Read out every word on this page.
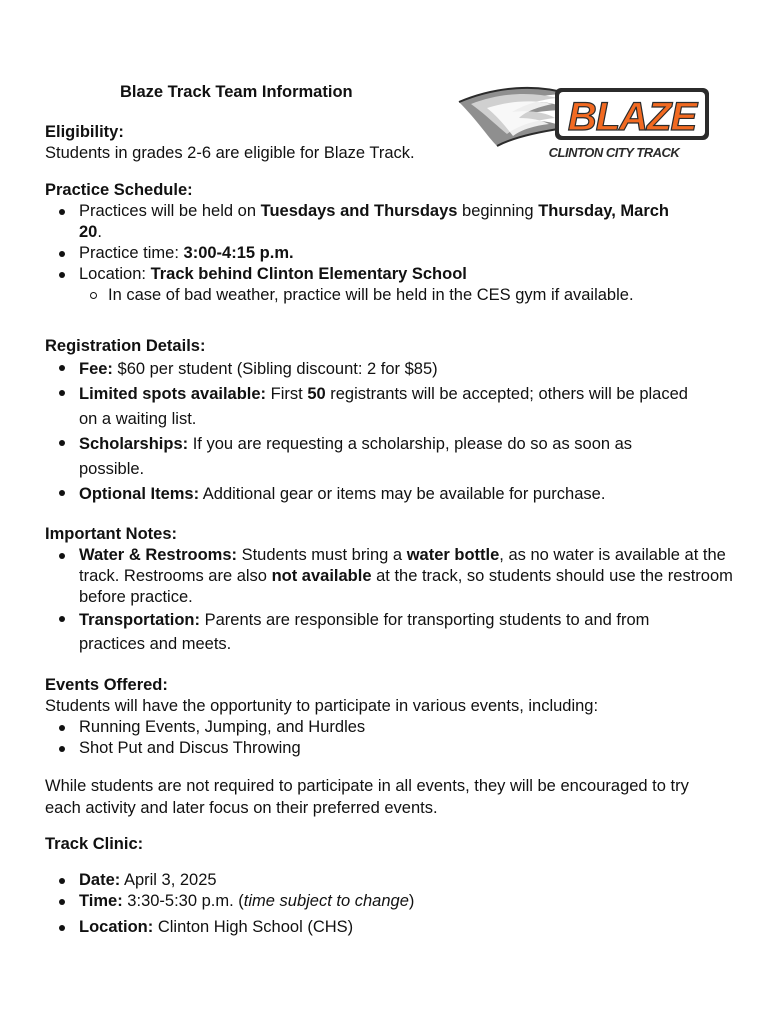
Blaze Track Team Information
BLAZE
CLINTON CITY TRACK
Eligibility:
Students in grades 2-6 are eligible for Blaze Track.
Practice Schedule:
Practices will be held on Tuesdays and Thursdays beginning Thursday, March 20.
Practice time: 3:00-4:15 p.m.
Location: Track behind Clinton Elementary School
In case of bad weather, practice will be held in the CES gym if available.
Registration Details:
Fee: $60 per student (Sibling discount: 2 for $85)
Limited spots available: First 50 registrants will be accepted; others will be placed on a waiting list.
Scholarships: If you are requesting a scholarship, please do so as soon as possible.
Optional Items: Additional gear or items may be available for purchase.
Important Notes:
Water & Restrooms: Students must bring a water bottle, as no water is available at the track. Restrooms are also not available at the track, so students should use the restroom before practice.
Transportation: Parents are responsible for transporting students to and from practices and meets.
Events Offered:
Students will have the opportunity to participate in various events, including:
Running Events, Jumping, and Hurdles
Shot Put and Discus Throwing
While students are not required to participate in all events, they will be encouraged to try each activity and later focus on their preferred events.
Track Clinic:
Date: April 3, 2025
Time: 3:30-5:30 p.m. (time subject to change)
Location: Clinton High School (CHS)
